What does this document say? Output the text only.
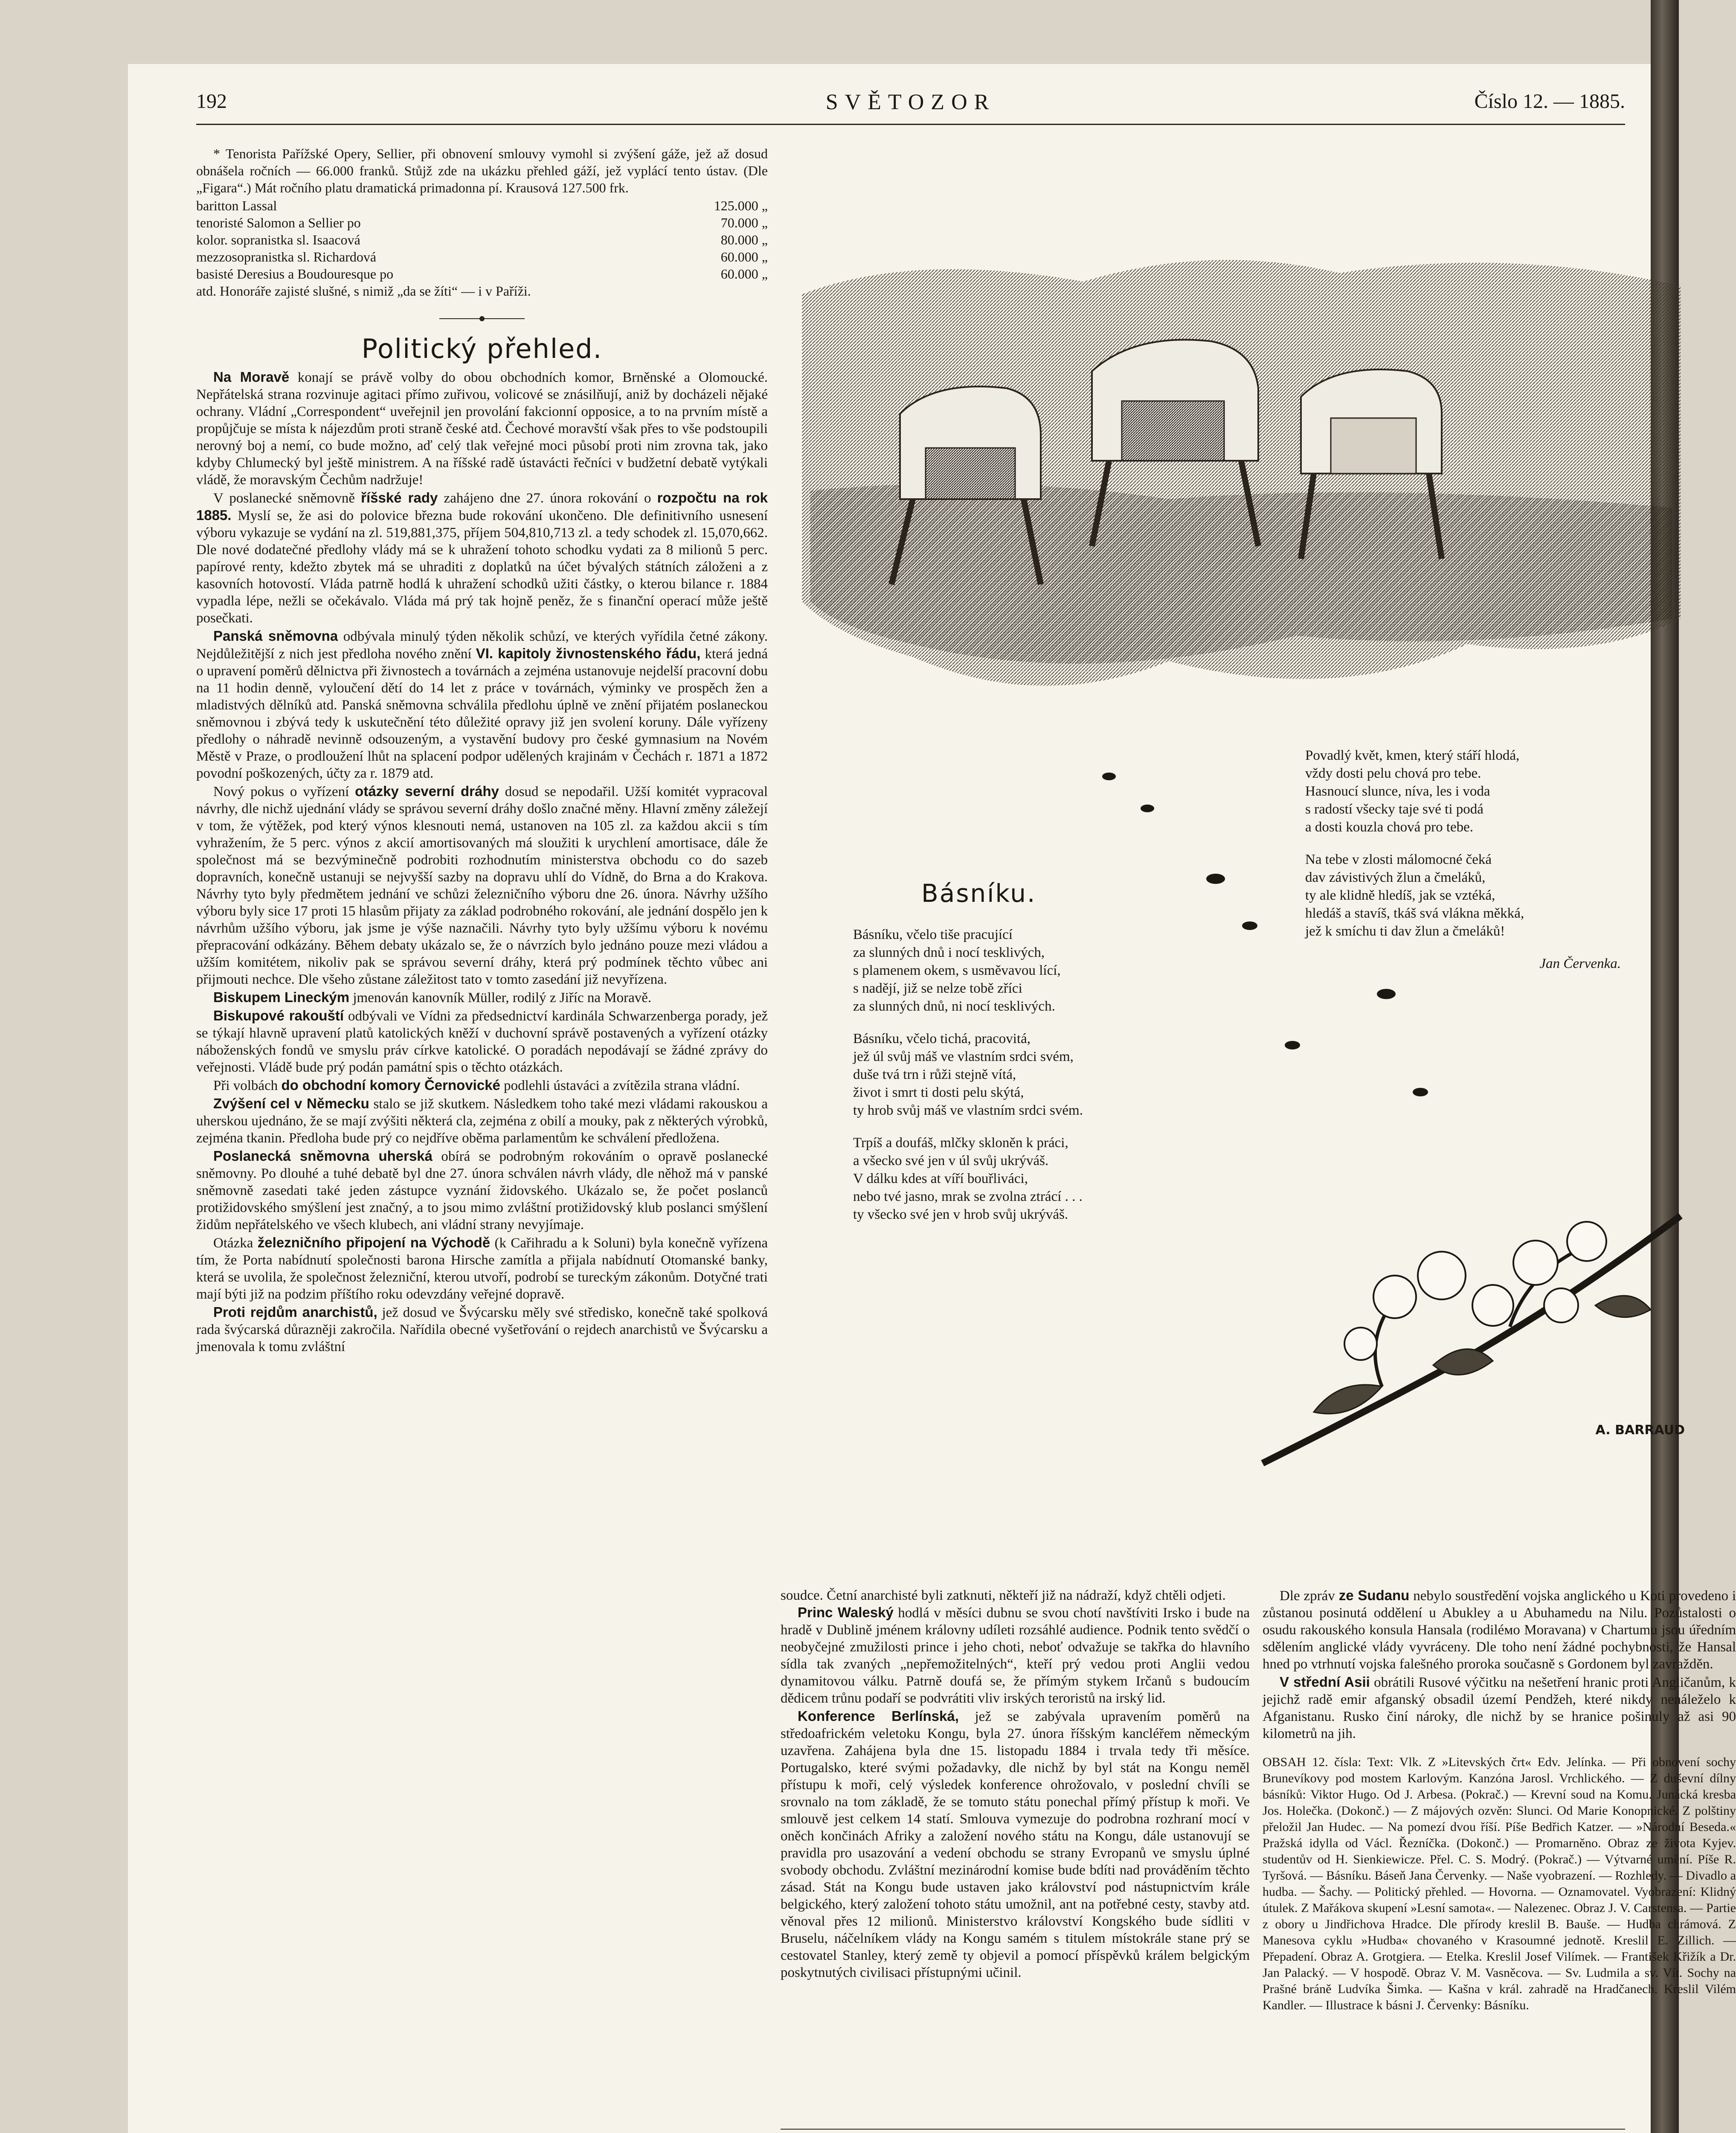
192	SVĚTOZOR	Číslo 12. — 1885.

* Tenorista Pařížské Opery, Sellier, při obnovení smlouvy vymohl si zvýšení gáže, jež až dosud obnášela ročních — 66.000 franků. Stůjž zde na ukázku přehled gáží, jež vyplácí tento ústav. (Dle „Figara“.) Mát ročního platu dramatická primadonna pí. Krausová 127.500 frk.

baritton Lassal	125.000 „
tenoristé Salomon a Sellier po	70.000 „
kolor. sopranistka sl. Isaacová	80.000 „
mezzosopranistka sl. Richardová	60.000 „
basisté Deresius a Boudouresque po	60.000 „
atd. Honoráře zajisté slušné, s nimiž „da se žíti“ — i v Paříži.
Politický přehled.

Na Moravě konají se právě volby do obou obchodních komor, Brněnské a Olomoucké. Nepřátelská strana rozvinuje agitaci přímo zuřivou, volicové se znásilňují, aniž by docházeli nějaké ochrany. Vládní „Correspondent“ uveřejnil jen provolání fakcionní opposice, a to na prvním místě a propůjčuje se místa k nájezdům proti straně české atd. Čechové moravští však přes to vše podstoupili nerovný boj a nemí, co bude možno, aď celý tlak veřejné moci působí proti nim zrovna tak, jako kdyby Chlumecký byl ještě ministrem. A na říšské radě ústavácti řečníci v budžetní debatě vytýkali vládě, že moravským Čechům nadržuje!

V poslanecké sněmovně říšské rady zahájeno dne 27. února rokování o rozpočtu na rok 1885. Myslí se, že asi do polovice března bude rokování ukončeno. Dle definitivního usnesení výboru vykazuje se vydání na zl. 519,881,375, příjem 504,810,713 zl. a tedy schodek zl. 15,070,662. Dle nové dodatečné předlohy vlády má se k uhražení tohoto schodku vydati za 8 milionů 5 perc. papírové renty, kdežto zbytek má se uhraditi z doplatků na účet bývalých státních záloženi a z kasovních hotovostí. Vláda patrně hodlá k uhražení schodků užiti částky, o kterou bilance r. 1884 vypadla lépe, nežli se očekávalo. Vláda má prý tak hojně peněz, že s finanční operací může ještě posečkati.

Panská sněmovna odbývala minulý týden několik schůzí, ve kterých vyřídila četné zákony. Nejdůležitější z nich jest předloha nového znění VI. kapitoly živnostenského řádu, která jedná o upravení poměrů dělnictva při živnostech a továrnách a zejména ustanovuje nejdelší pracovní dobu na 11 hodin denně, vyloučení dětí do 14 let z práce v továrnách, výminky ve prospěch žen a mladistvých dělníků atd. Panská sněmovna schválila předlohu úplně ve znění přijatém poslaneckou sněmovnou i zbývá tedy k uskutečnění této důležité opravy již jen svolení koruny. Dále vyřízeny předlohy o náhradě nevinně odsouzeným, a vystavění budovy pro české gymnasium na Novém Městě v Praze, o prodloužení lhůt na splacení podpor udělených krajinám v Čechách r. 1871 a 1872 povodní poškozených, účty za r. 1879 atd.

Nový pokus o vyřízení otázky severní dráhy dosud se nepodařil. Užší komitét vypracoval návrhy, dle nichž ujednání vlády se správou severní dráhy došlo značné měny. Hlavní změny záležejí v tom, že výtěžek, pod který výnos klesnouti nemá, ustanoven na 105 zl. za každou akcii s tím vyhražením, že 5 perc. výnos z akcií amortisovaných má sloužiti k urychlení amortisace, dále že společnost má se bezvýminečně podrobiti rozhodnutím ministerstva obchodu co do sazeb dopravních, konečně ustanuji se nejvyšší sazby na dopravu uhlí do Vídně, do Brna a do Krakova. Návrhy tyto byly předmětem jednání ve schůzi železničního výboru dne 26. února. Návrhy užšího výboru byly sice 17 proti 15 hlasům přijaty za základ podrobného rokování, ale jednání dospělo jen k návrhům užšího výboru, jak jsme je výše naznačili. Návrhy tyto byly užšímu výboru k novému přepracování odkázány. Během debaty ukázalo se, že o návrzích bylo jednáno pouze mezi vládou a užším komitétem, nikoliv pak se správou severní dráhy, která prý podmínek těchto vůbec ani přijmouti nechce. Dle všeho zůstane záležitost tato v tomto zasedání již nevyřízena.

Biskupem Lineckým jmenován kanovník Müller, rodilý z Jiříc na Moravě.

Biskupové rakouští odbývali ve Vídni za předsednictví kardinála Schwarzenberga porady, jež se týkají hlavně upravení platů katolických kněží v duchovní správě postavených a vyřízení otázky náboženských fondů ve smyslu práv církve katolické. O poradách nepodávají se žádné zprávy do veřejnosti. Vládě bude prý podán památní spis o těchto otázkách.

Při volbách do obchodní komory Černovické podlehli ústaváci a zvítězila strana vládní.

Zvýšení cel v Německu stalo se již skutkem. Následkem toho také mezi vládami rakouskou a uherskou ujednáno, že se mají zvýšiti některá cla, zejména z obilí a mouky, pak z některých výrobků, zejména tkanin. Předloha bude prý co nejdříve oběma parlamentům ke schválení předložena.

Poslanecká sněmovna uherská obírá se podrobným rokováním o opravě poslanecké sněmovny. Po dlouhé a tuhé debatě byl dne 27. února schválen návrh vlády, dle něhož má v panské sněmovně zasedati také jeden zástupce vyznání židovského. Ukázalo se, že počet poslanců protižidovského smýšlení jest značný, a to jsou mimo zvláštní protižidovský klub poslanci smýšlení židům nepřátelského ve všech klubech, ani vládní strany nevyjímaje.

Otázka železničního připojení na Východě (k Cařihradu a k Soluni) byla konečně vyřízena tím, že Porta nabídnutí společnosti barona Hirsche zamítla a přijala nabídnutí Otomanské banky, která se uvolila, že společnost železniční, kterou utvoří, podrobí se tureckým zákonům. Dotyčné trati mají býti již na podzim příštího roku odevzdány veřejné dopravě.

Proti rejdům anarchistů, jež dosud ve Švýcarsku měly své středisko, konečně také spolková rada švýcarská důrazněji zakročila. Nařídila obecné vyšetřování o rejdech anarchistů ve Švýcarsku a jmenovala k tomu zvláštní

Básníku.
Básníku, včelo tiše pracující
za slunných dnů i nocí tesklivých,
s plamenem okem, s usměvavou lící,
s nadějí, již se nelze tobě zříci
za slunných dnů, ni nocí tesklivých.
Básníku, včelo tichá, pracovitá,
jež úl svůj máš ve vlastním srdci svém,
duše tvá trn i růži stejně vítá,
život i smrt ti dosti pelu skýtá,
ty hrob svůj máš ve vlastním srdci svém.
Trpíš a doufáš, mlčky skloněn k práci,
a všecko své jen v úl svůj ukrýváš.
V dálku kdes at víří bouřliváci,
nebo tvé jasno, mrak se zvolna ztrácí . . .
ty všecko své jen v hrob svůj ukrýváš.
Povadlý květ, kmen, který stáří hlodá,
vždy dosti pelu chová pro tebe.
Hasnoucí slunce, níva, les i voda
s radostí všecky taje své ti podá
a dosti kouzla chová pro tebe.
Na tebe v zlosti málomocné čeká
dav závistivých žlun a čmeláků,
ty ale klidně hledíš, jak se vztéká,
hledáš a stavíš, tkáš svá vlákna měkká,
jež k smíchu ti dav žlun a čmeláků!
Jan Červenka.
A. BARRAUD
soudce. Četní anarchisté byli zatknuti, někteří již na nádraží, když chtěli odjeti.

Princ Waleský hodlá v měsíci dubnu se svou chotí navštíviti Irsko i bude na hradě v Dublině jménem královny udíleti rozsáhlé audiencе. Podnik tento svědčí o neobyčejné zmužilosti prince i jeho choti, neboť odvažuje se takřka do hlavního sídla tak zvaných „nepřemožitelných“, kteří prý vedou proti Anglii vedou dynamitovou válku. Patrně doufá se, že přímým stykem Irčanů s budoucím dědicem trůnu podaří se podvrátiti vliv irských teroristů na irský lid.

Konference Berlínská, jež se zabývala upravením poměrů na středoafrickém veletoku Kongu, byla 27. února říšským kancléřem německým uzavřena. Zahájena byla dne 15. listopadu 1884 i trvala tedy tři měsíce. Portugalsko, které svými požadavky, dle nichž by byl stát na Kongu neměl přístupu k moři, celý výsledek konference ohrožovalo, v poslední chvíli se srovnalo na tom základě, že se tomuto státu ponechal přímý přístup k moři. Ve smlouvě jest celkem 14 statí. Smlouva vymezuje do podrobna rozhraní mocí v oněch končinách Afriky a založení nového státu na Kongu, dále ustanovují se pravidla pro usazování a vedení obchodu se strany Evropanů ve smyslu úplné svobody obchodu. Zvláštní mezinárodní komise bude bdíti nad prováděním těchto zásad. Stát na Kongu bude ustaven jako království pod nástupnictvím krále belgického, který založení tohoto státu umožnil, ant na potřebné cesty, stavby atd. věnoval přes 12 milionů. Ministerstvo království Kongského bude sídliti v Bruselu, náčelníkem vlády na Kongu samém s titulem místokrále stane prý se cestovatel Stanley, který země ty objevil a pomocí příspěvků králem belgickým poskytnutých civilisaci přístupnými učinil.

Dle zpráv ze Sudanu nebylo soustředění vojska anglického u Koti provedeno i zůstanou posinutá oddělení u Abukley a u Abuhamedu na Nilu. Pozůstalosti o osudu rakouského konsula Hansala (rodiléмо Moravana) v Chartumu jsou úředním sdělením anglické vlády vyvráceny. Dle toho není žádné pochybnosti, že Hansal hned po vtrhnutí vojska falešného proroka současně s Gordonem byl zavražděn.

V střední Asii obrátili Rusové výčitku na nešetření hranic proti Angličanům, k jejichž radě emir afganský obsadil území Pendžeh, které nikdy nenáleželo k Afganistanu. Rusko činí nároky, dle nichž by se hranice pošinuly až asi 90 kilometrů na jih.

OBSAH 12. čísla: Text: Vlk. Z »Litevských črt« Edv. Jelínka. — Při obnovení sochy Brunevíkovy pod mostem Karlovým. Kanzóna Jarosl. Vrchlického. — Z duševní dílny básníků: Viktor Hugo. Od J. Arbesa. (Pokrač.) — Krevní soud na Komu. Junácká kresba Jos. Holečka. (Dokonč.) — Z májových ozvěn: Slunci. Od Marie Konopnické. Z polštiny přeložil Jan Hudec. — Na pomezí dvou říší. Píše Bedřich Katzer. — »Národní Beseda.« Pražská idylla od Václ. Řezníčka. (Dokonč.) — Promarněno. Obraz ze života Kyjev. studentův od H. Sienkiewicze. Přel. C. S. Modrý. (Pokrač.) — Výtvarné umění. Píše R. Tyršová. — Básníku. Báseň Jana Červenky. — Naše vyobrazení. — Rozhledy. — Divadlo a hudba. — Šachy. — Politický přehled. — Hovorna. — Oznamovatel. Vyobrazení: Klidný útulek. Z Mařákova skupení »Lesní samota«. — Nalezenec. Obraz J. V. Carstensa. — Partie z obory u Jindřichova Hradce. Dle přírody kreslil B. Bauše. — Hudba chrámová. Z Manesova cyklu »Hudba« chovaného v Krasoumné jednotě. Kreslil E. Zillich. — Přepadení. Obraz A. Grotgiera. — Etelka. Kreslil Josef Vilímek. — František Křižík a Dr. Jan Palacký. — V hospodě. Obraz V. M. Vasněcova. — Sv. Ludmila a sv. Vít. Sochy na Prašné bráně Ludvíka Šimka. — Kašna v král. zahradě na Hradčanech. Kreslil Vilém Kandler. — Illustrace k básni J. Červenky: Básníku.
